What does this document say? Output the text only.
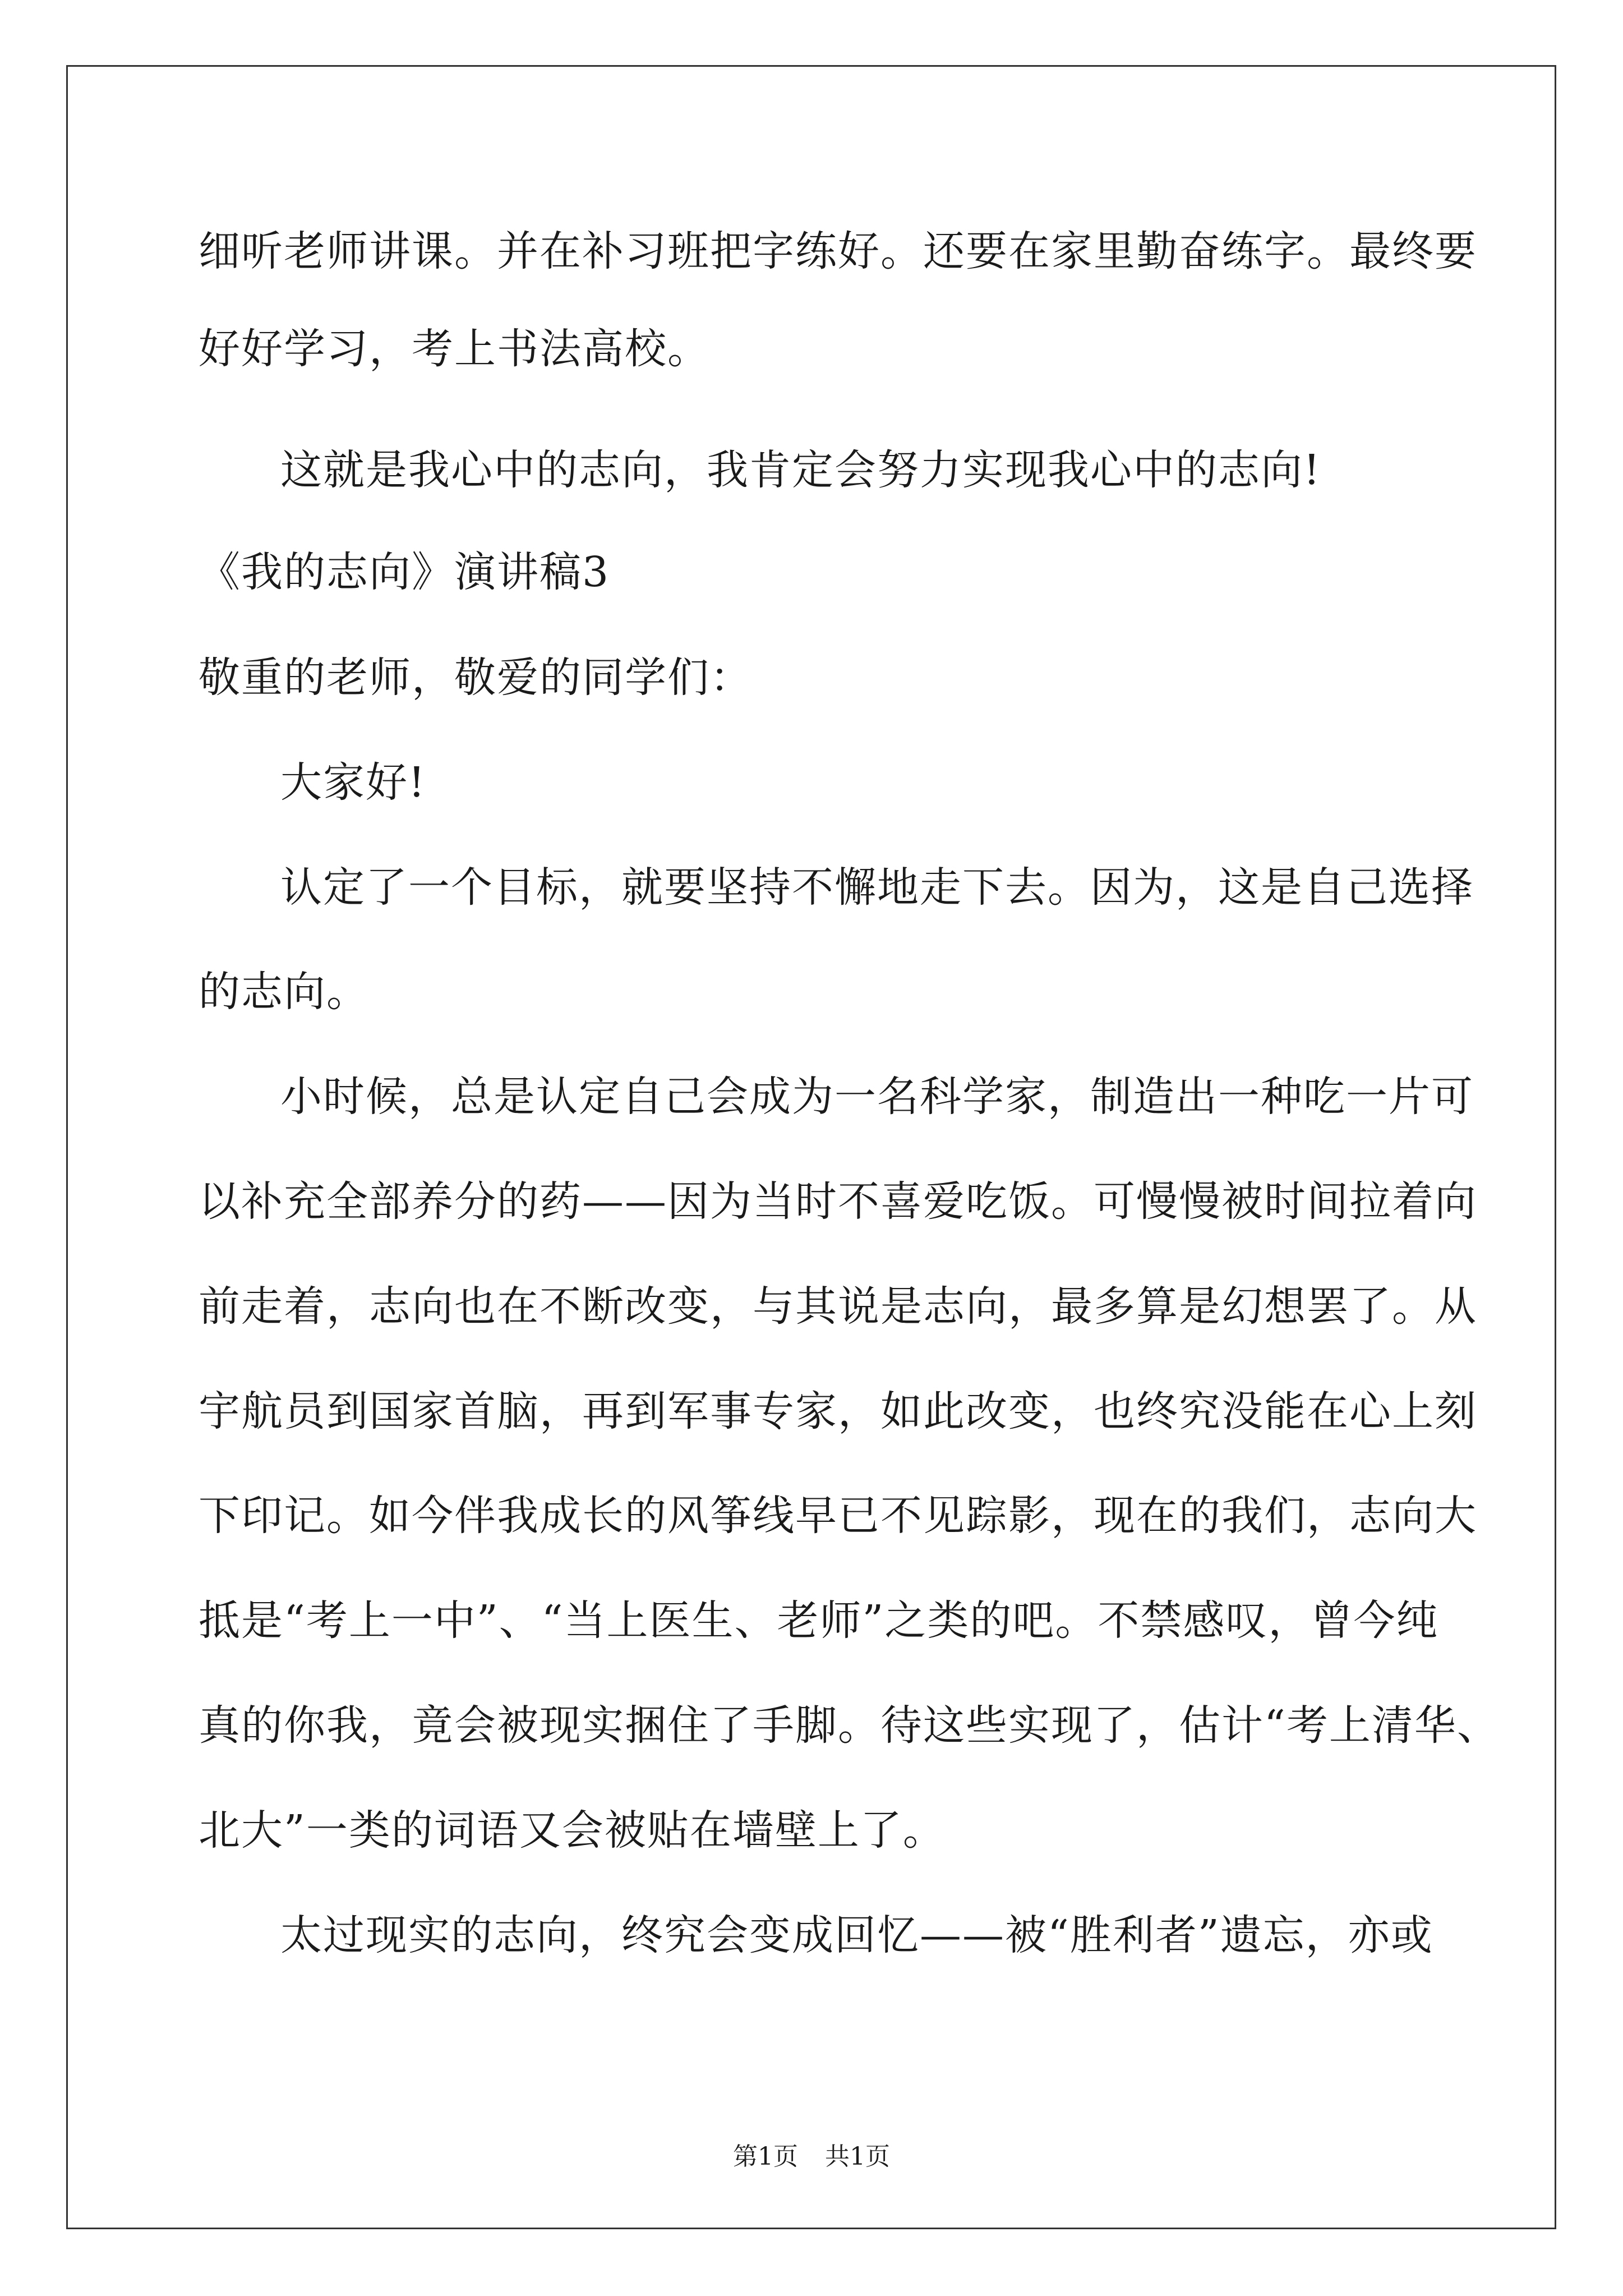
细听老师讲课。并在补习班把字练好。还要在家里勤奋练字。最终要
好好学习，考上书法高校。
这就是我心中的志向，我肯定会努力实现我心中的志向!
《我的志向》演讲稿3
敬重的老师，敬爱的同学们：
大家好!
认定了一个目标，就要坚持不懈地走下去。因为，这是自己选择
的志向。
小时候，总是认定自己会成为一名科学家，制造出一种吃一片可
以补充全部养分的药——因为当时不喜爱吃饭。可慢慢被时间拉着向
前走着，志向也在不断改变，与其说是志向，最多算是幻想罢了。从
宇航员到国家首脑，再到军事专家，如此改变，也终究没能在心上刻
下印记。如今伴我成长的风筝线早已不见踪影，现在的我们，志向大
抵是“考上一中”、“当上医生、老师”之类的吧。不禁感叹，曾今纯
真的你我，竟会被现实捆住了手脚。待这些实现了，估计“考上清华、
北大”一类的词语又会被贴在墙壁上了。
太过现实的志向，终究会变成回忆——被“胜利者”遗忘，亦或
第1页 共1页
